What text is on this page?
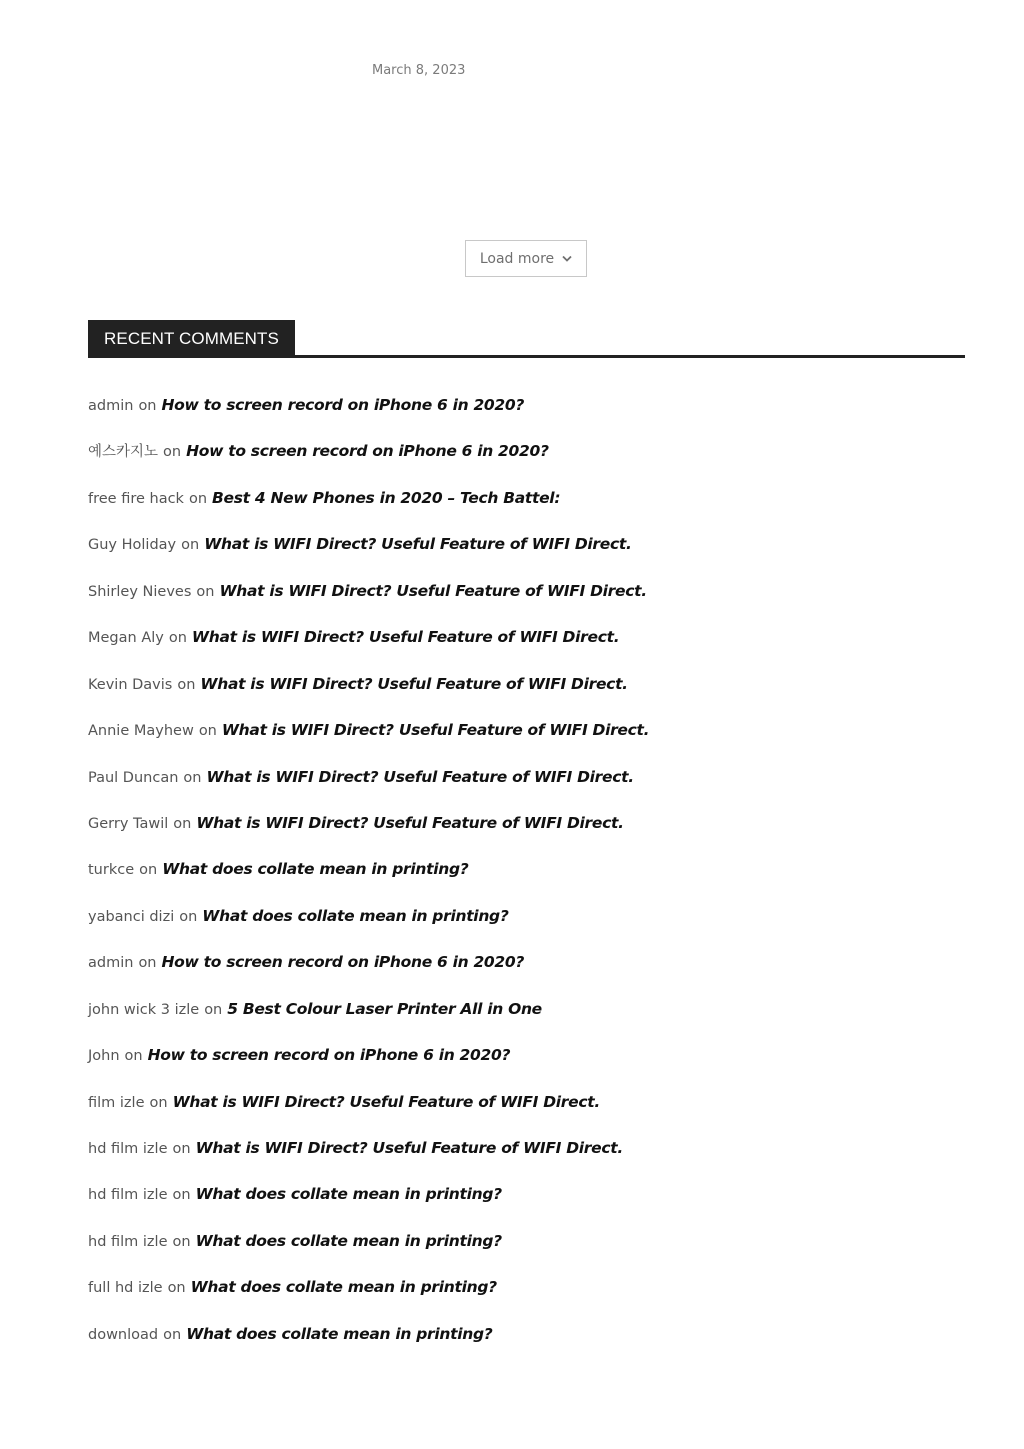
March 8, 2023
Load more
RECENT COMMENTS
admin on How to screen record on iPhone 6 in 2020?
예스카지노 on How to screen record on iPhone 6 in 2020?
free fire hack on Best 4 New Phones in 2020 – Tech Battel:
Guy Holiday on What is WIFI Direct? Useful Feature of WIFI Direct.
Shirley Nieves on What is WIFI Direct? Useful Feature of WIFI Direct.
Megan Aly on What is WIFI Direct? Useful Feature of WIFI Direct.
Kevin Davis on What is WIFI Direct? Useful Feature of WIFI Direct.
Annie Mayhew on What is WIFI Direct? Useful Feature of WIFI Direct.
Paul Duncan on What is WIFI Direct? Useful Feature of WIFI Direct.
Gerry Tawil on What is WIFI Direct? Useful Feature of WIFI Direct.
turkce on What does collate mean in printing?
yabanci dizi on What does collate mean in printing?
admin on How to screen record on iPhone 6 in 2020?
john wick 3 izle on 5 Best Colour Laser Printer All in One
John on How to screen record on iPhone 6 in 2020?
film izle on What is WIFI Direct? Useful Feature of WIFI Direct.
hd film izle on What is WIFI Direct? Useful Feature of WIFI Direct.
hd film izle on What does collate mean in printing?
hd film izle on What does collate mean in printing?
full hd izle on What does collate mean in printing?
download on What does collate mean in printing?
